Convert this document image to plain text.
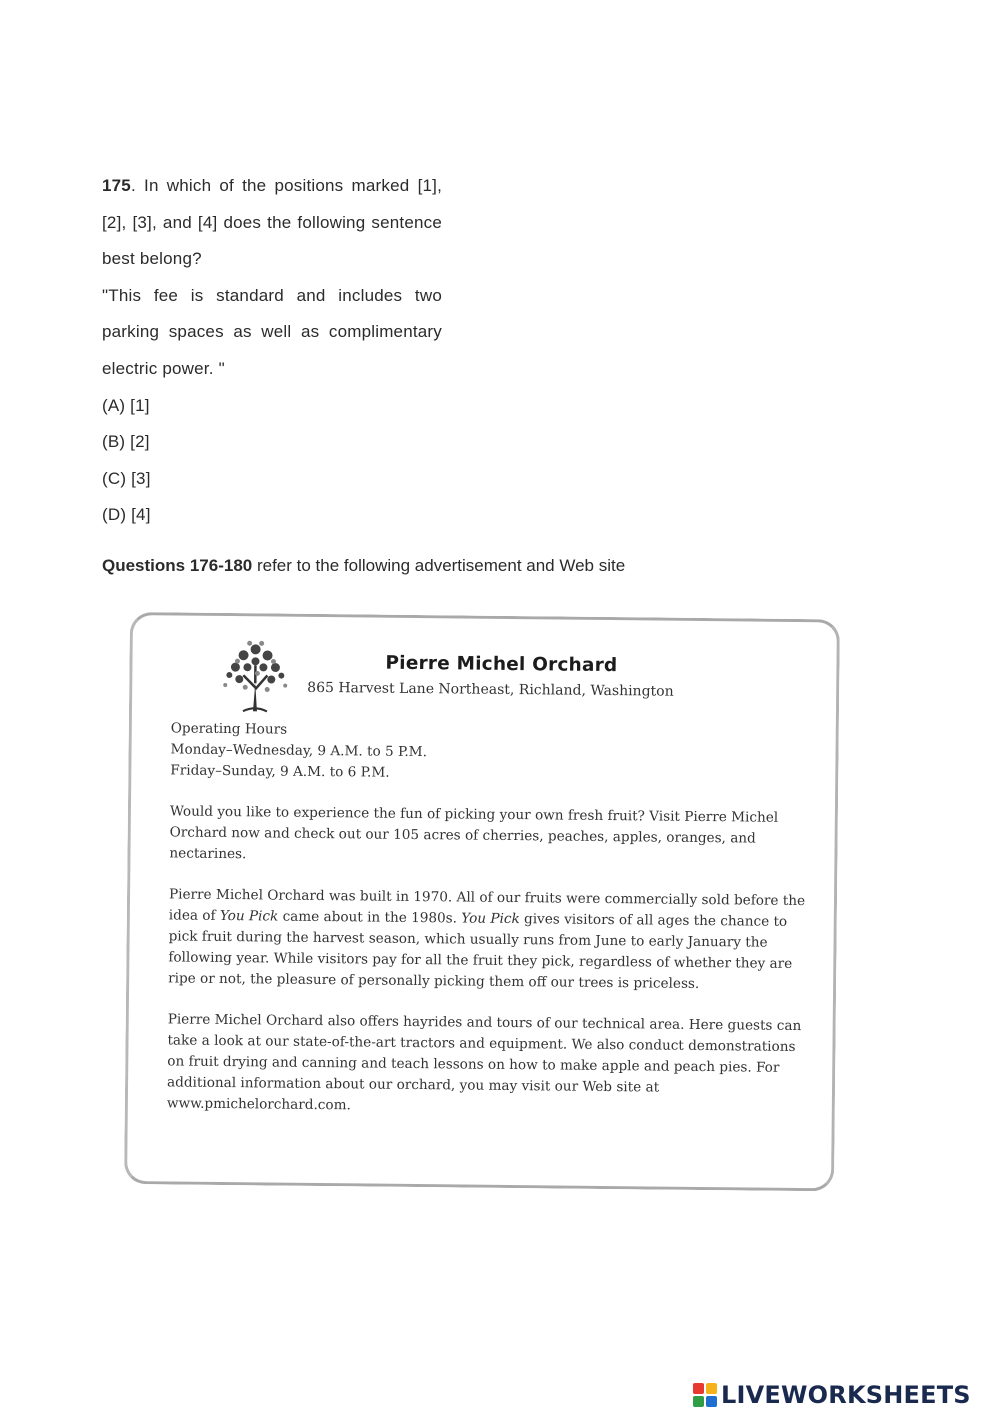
175. In which of the positions marked [1], [2], [3], and [4] does the following sentence best belong?

"This fee is standard and includes two parking spaces as well as complimentary electric power. "

(A) [1]

(B) [2]

(C) [3]

(D) [4]

Questions 176-180 refer to the following advertisement and Web site
Pierre Michel Orchard
865 Harvest Lane Northeast, Richland, Washington
Operating Hours
Monday–Wednesday, 9 A.M. to 5 P.M.
Friday–Sunday, 9 A.M. to 6 P.M.

Would you like to experience the fun of picking your own fresh fruit? Visit Pierre Michel Orchard now and check out our 105 acres of cherries, peaches, apples, oranges, and nectarines.

Pierre Michel Orchard was built in 1970. All of our fruits were commercially sold before the idea of You Pick came about in the 1980s. You Pick gives visitors of all ages the chance to pick fruit during the harvest season, which usually runs from June to early January the following year. While visitors pay for all the fruit they pick, regardless of whether they are ripe or not, the pleasure of personally picking them off our trees is priceless.

Pierre Michel Orchard also offers hayrides and tours of our technical area. Here guests can take a look at our state-of-the-art tractors and equipment. We also conduct demonstrations on fruit drying and canning and teach lessons on how to make apple and peach pies. For additional information about our orchard, you may visit our Web site at www.pmichelorchard.com.

LIVEWORKSHEETS
